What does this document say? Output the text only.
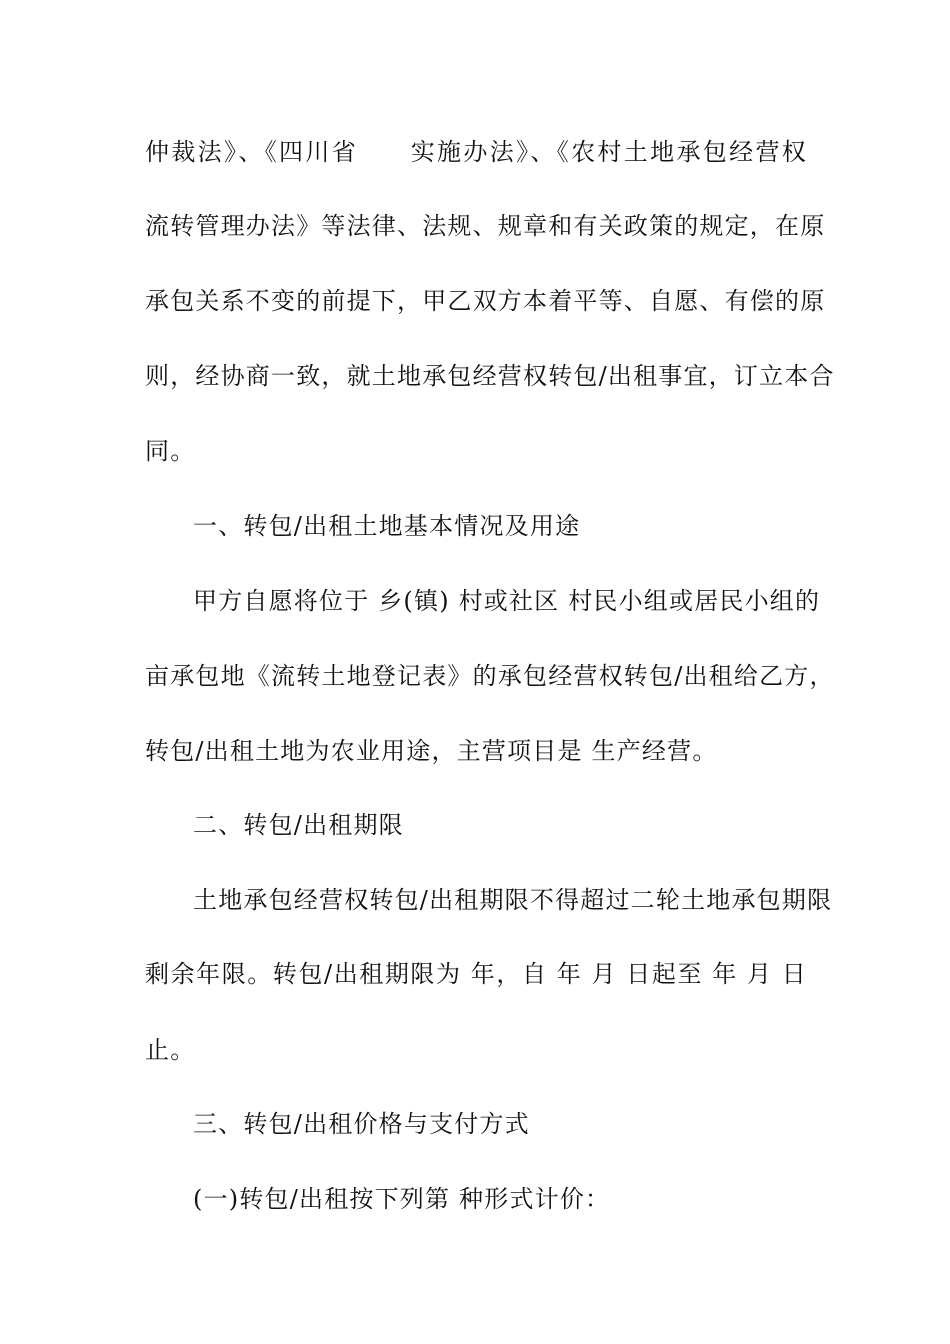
仲裁法》、《四川省　　实施办法》、《农村土地承包经营权
流转管理办法》等法律、法规、规章和有关政策的规定，在原
承包关系不变的前提下，甲乙双方本着平等、自愿、有偿的原
则，经协商一致，就土地承包经营权转包/出租事宜，订立本合
同。
一、转包/出租土地基本情况及用途
甲方自愿将位于 乡(镇) 村或社区 村民小组或居民小组的
亩承包地《流转土地登记表》的承包经营权转包/出租给乙方，
转包/出租土地为农业用途，主营项目是 生产经营。
二、转包/出租期限
土地承包经营权转包/出租期限不得超过二轮土地承包期限
剩余年限。转包/出租期限为 年，自 年 月 日起至 年 月 日
止。
三、转包/出租价格与支付方式
(一)转包/出租按下列第 种形式计价：
